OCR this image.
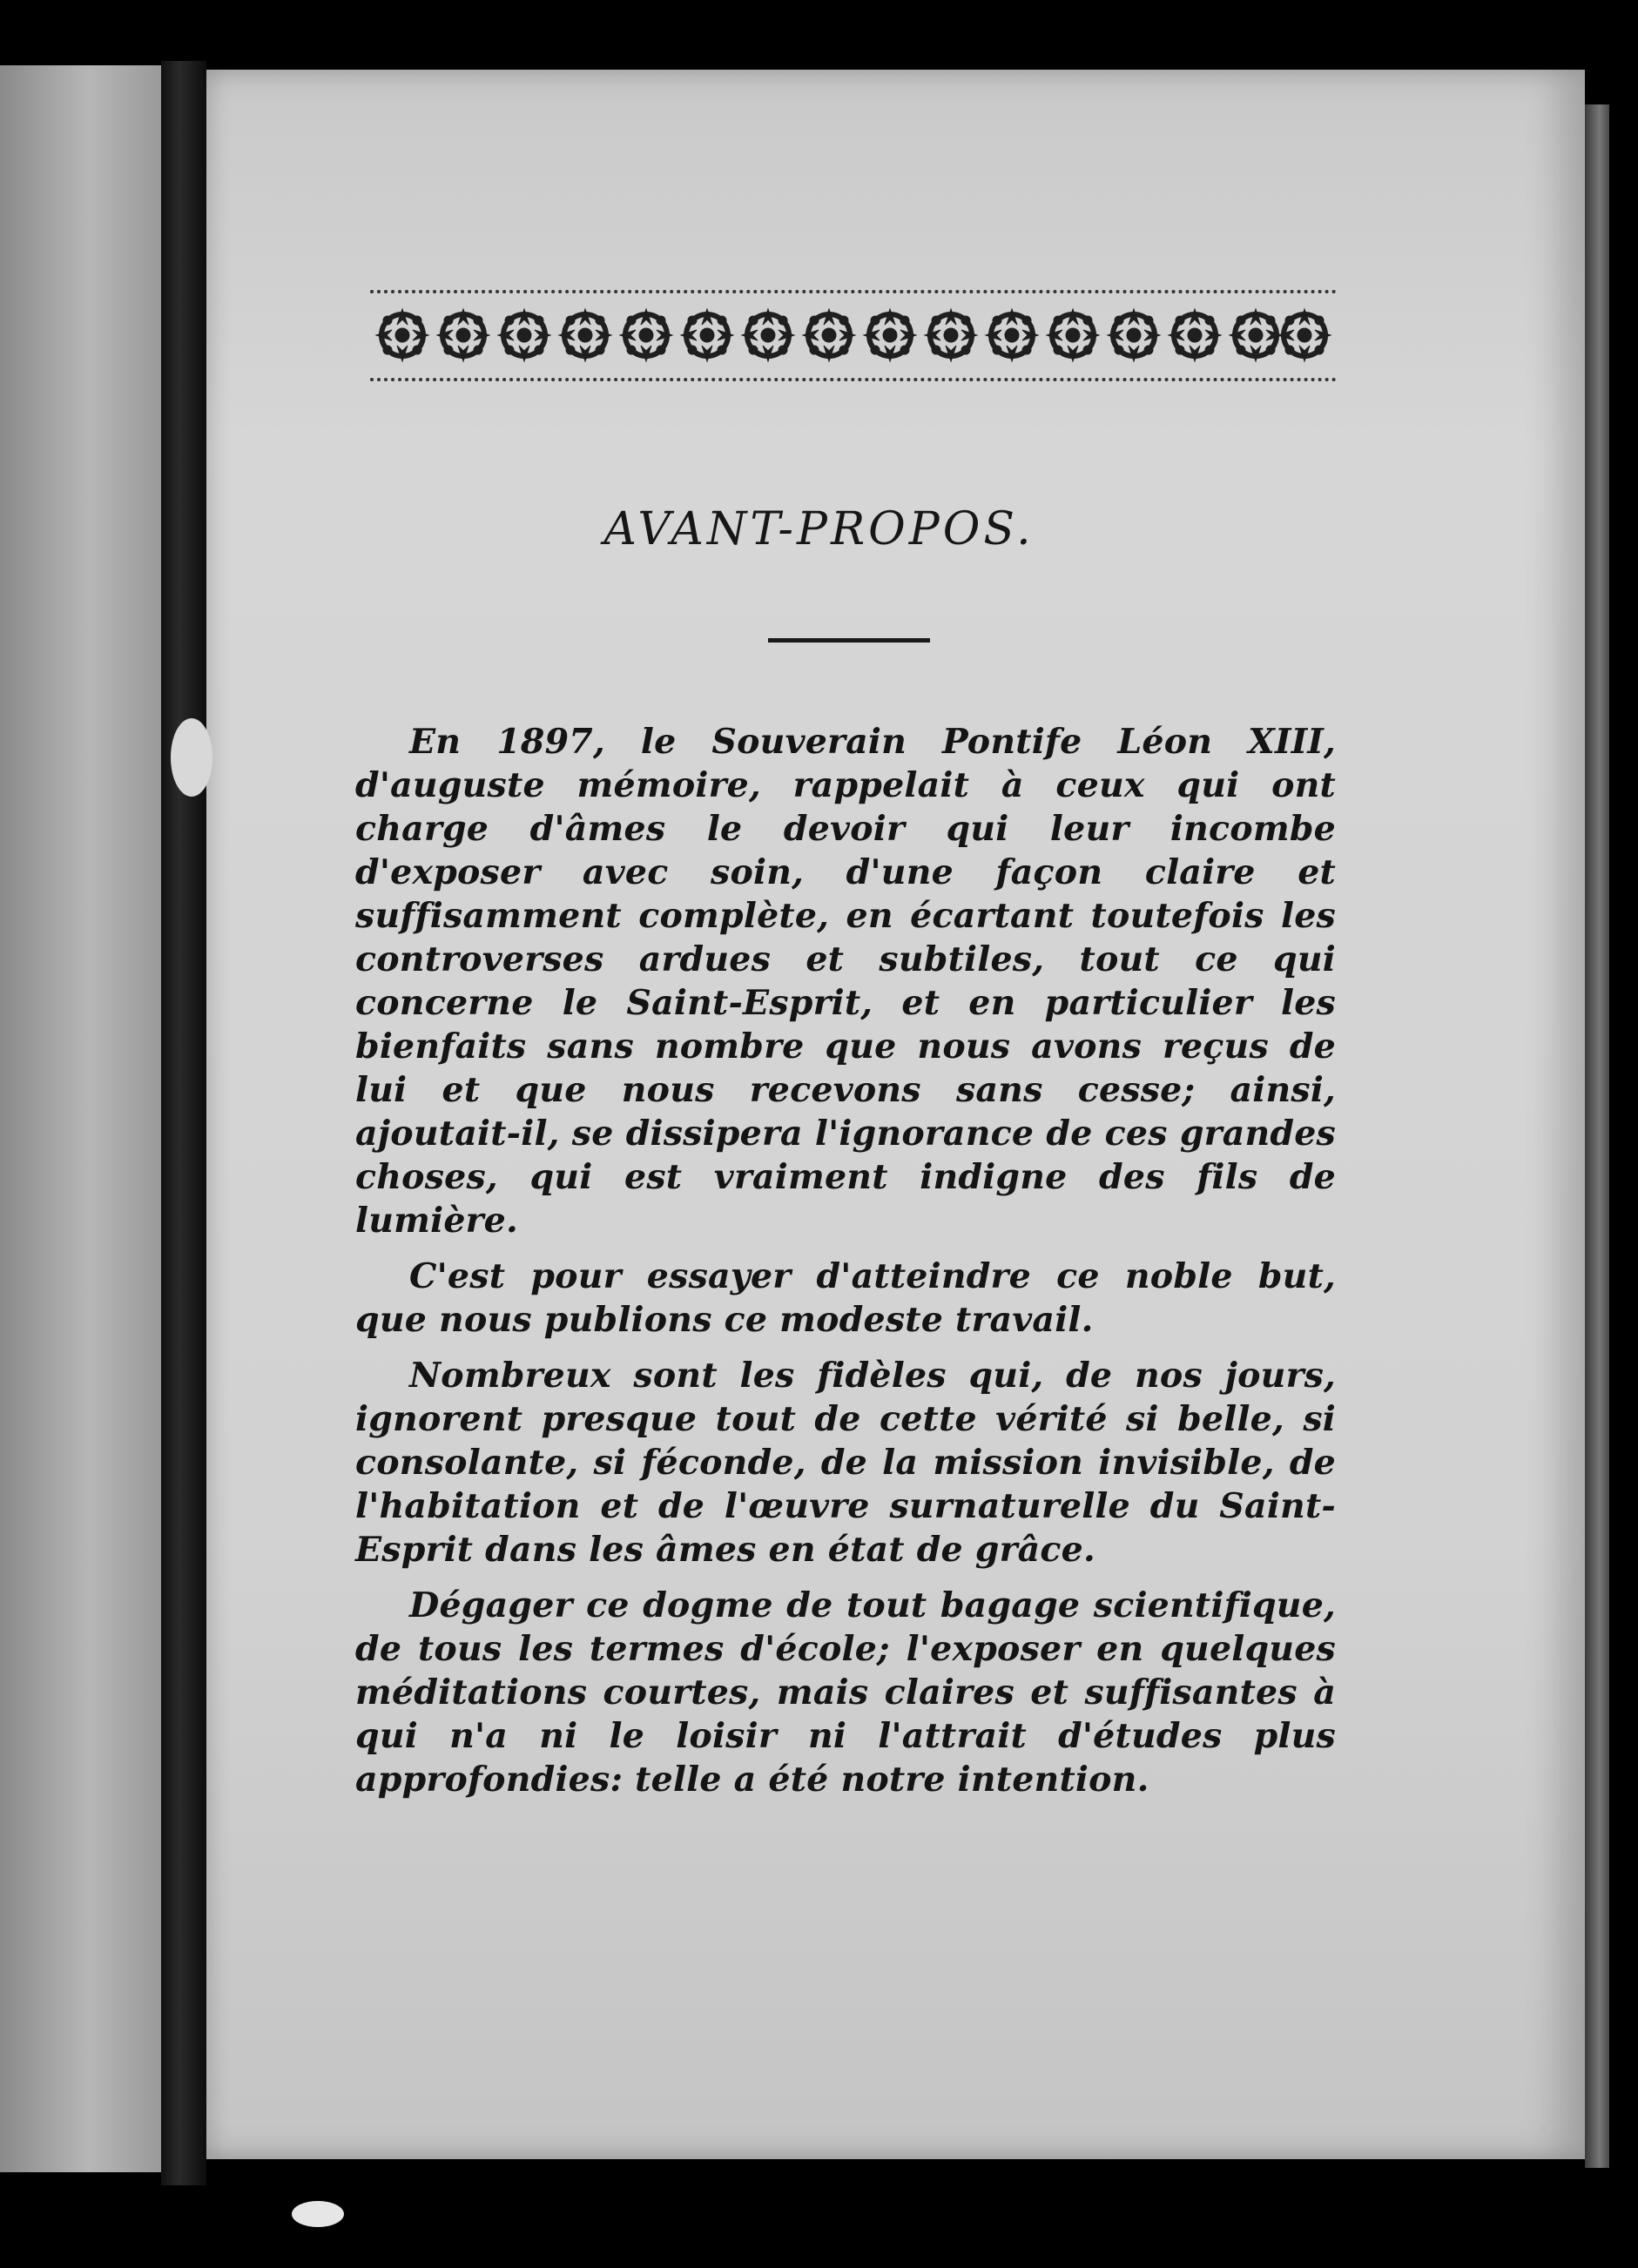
AVANT-PROPOS.

En 1897, le Souverain Pontife Léon XIII, d'auguste mémoire, rappelait à ceux qui ont charge d'âmes le devoir qui leur incombe d'exposer avec soin, d'une façon claire et suffisamment complète, en écartant toutefois les controverses ardues et subtiles, tout ce qui concerne le Saint-Esprit, et en particulier les bienfaits sans nombre que nous avons reçus de lui et que nous recevons sans cesse; ainsi, ajoutait-il, se dissipera l'ignorance de ces grandes choses, qui est vraiment indigne des fils de lumière.

C'est pour essayer d'atteindre ce noble but, que nous publions ce modeste travail.

Nombreux sont les fidèles qui, de nos jours, ignorent presque tout de cette vérité si belle, si consolante, si féconde, de la mission invisible, de l'habitation et de l'œuvre surnaturelle du Saint-Esprit dans les âmes en état de grâce.

Dégager ce dogme de tout bagage scientifique, de tous les termes d'école; l'exposer en quelques méditations courtes, mais claires et suffisantes à qui n'a ni le loisir ni l'attrait d'études plus approfondies: telle a été notre intention.
